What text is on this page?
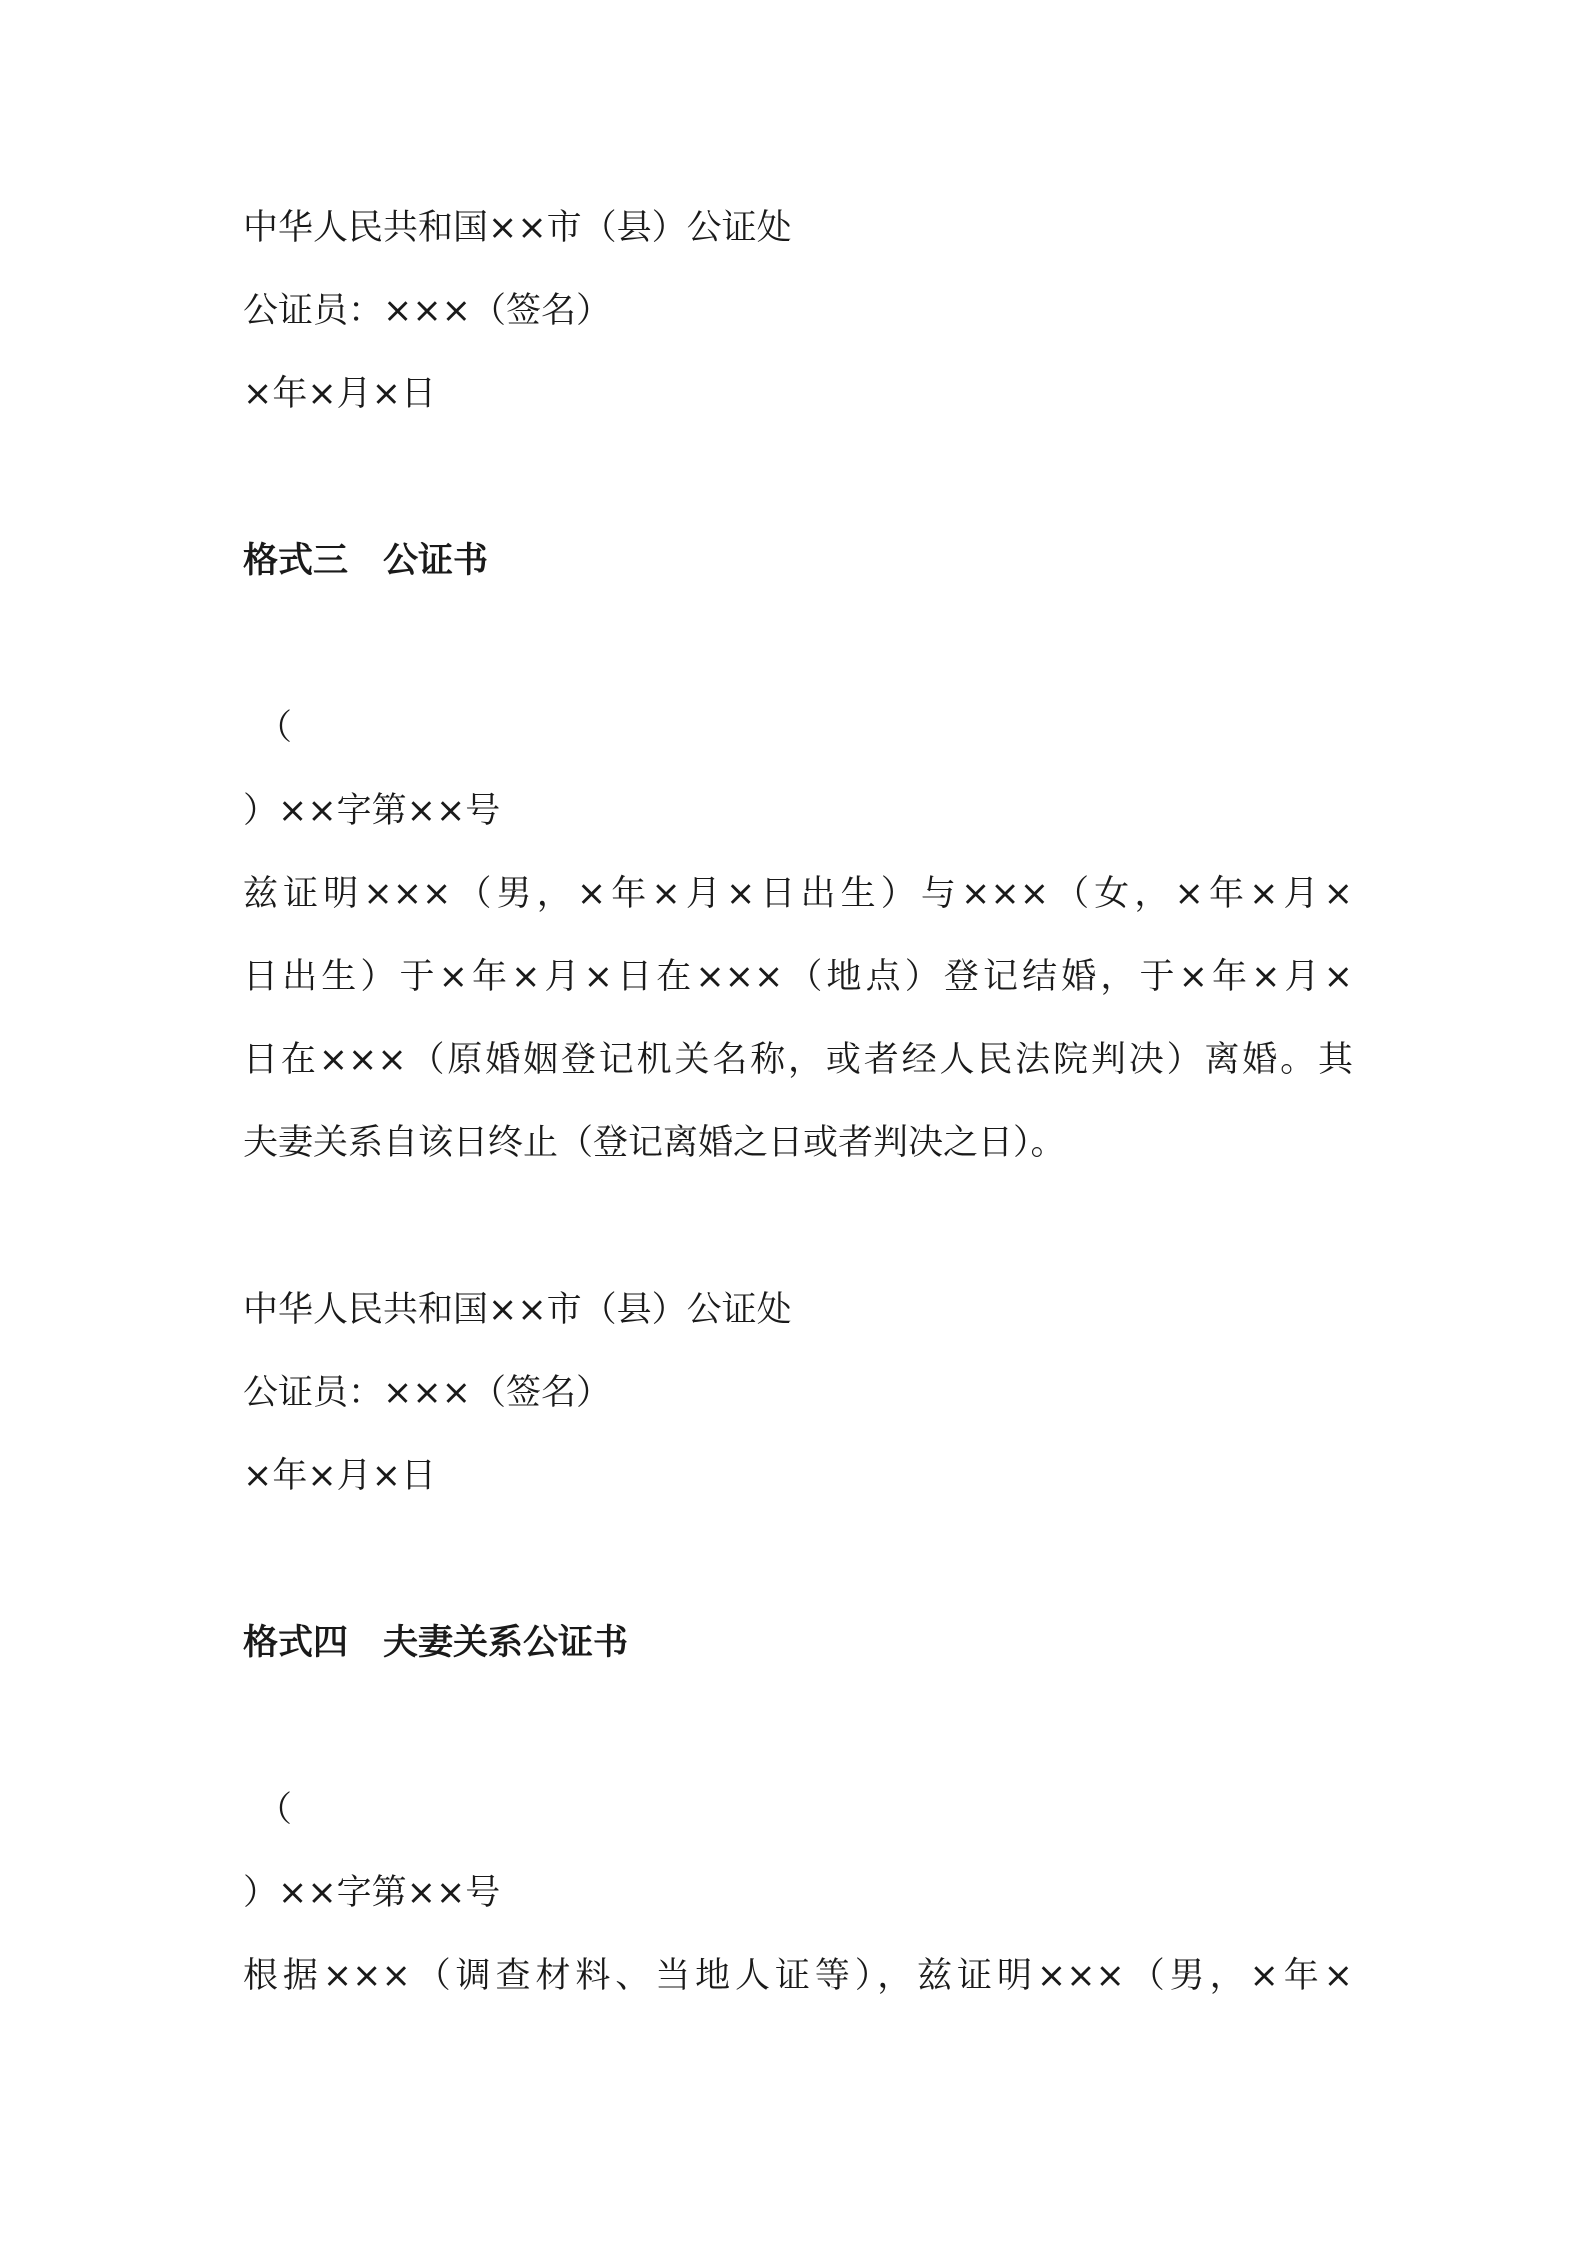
中华人民共和国××市（县）公证处
公证员：×××（签名）
×年×月×日
格式三　公证书
（
）××字第××号
兹证明×××（男，×年×月×日出生）与×××（女，×年×月×
日出生）于×年×月×日在×××（地点）登记结婚，于×年×月×
日在×××（原婚姻登记机关名称，或者经人民法院判决）离婚。其
夫妻关系自该日终止（登记离婚之日或者判决之日）。
中华人民共和国××市（县）公证处
公证员：×××（签名）
×年×月×日
格式四　夫妻关系公证书
（
）××字第××号
根据×××（调查材料、当地人证等），兹证明×××（男，×年×
